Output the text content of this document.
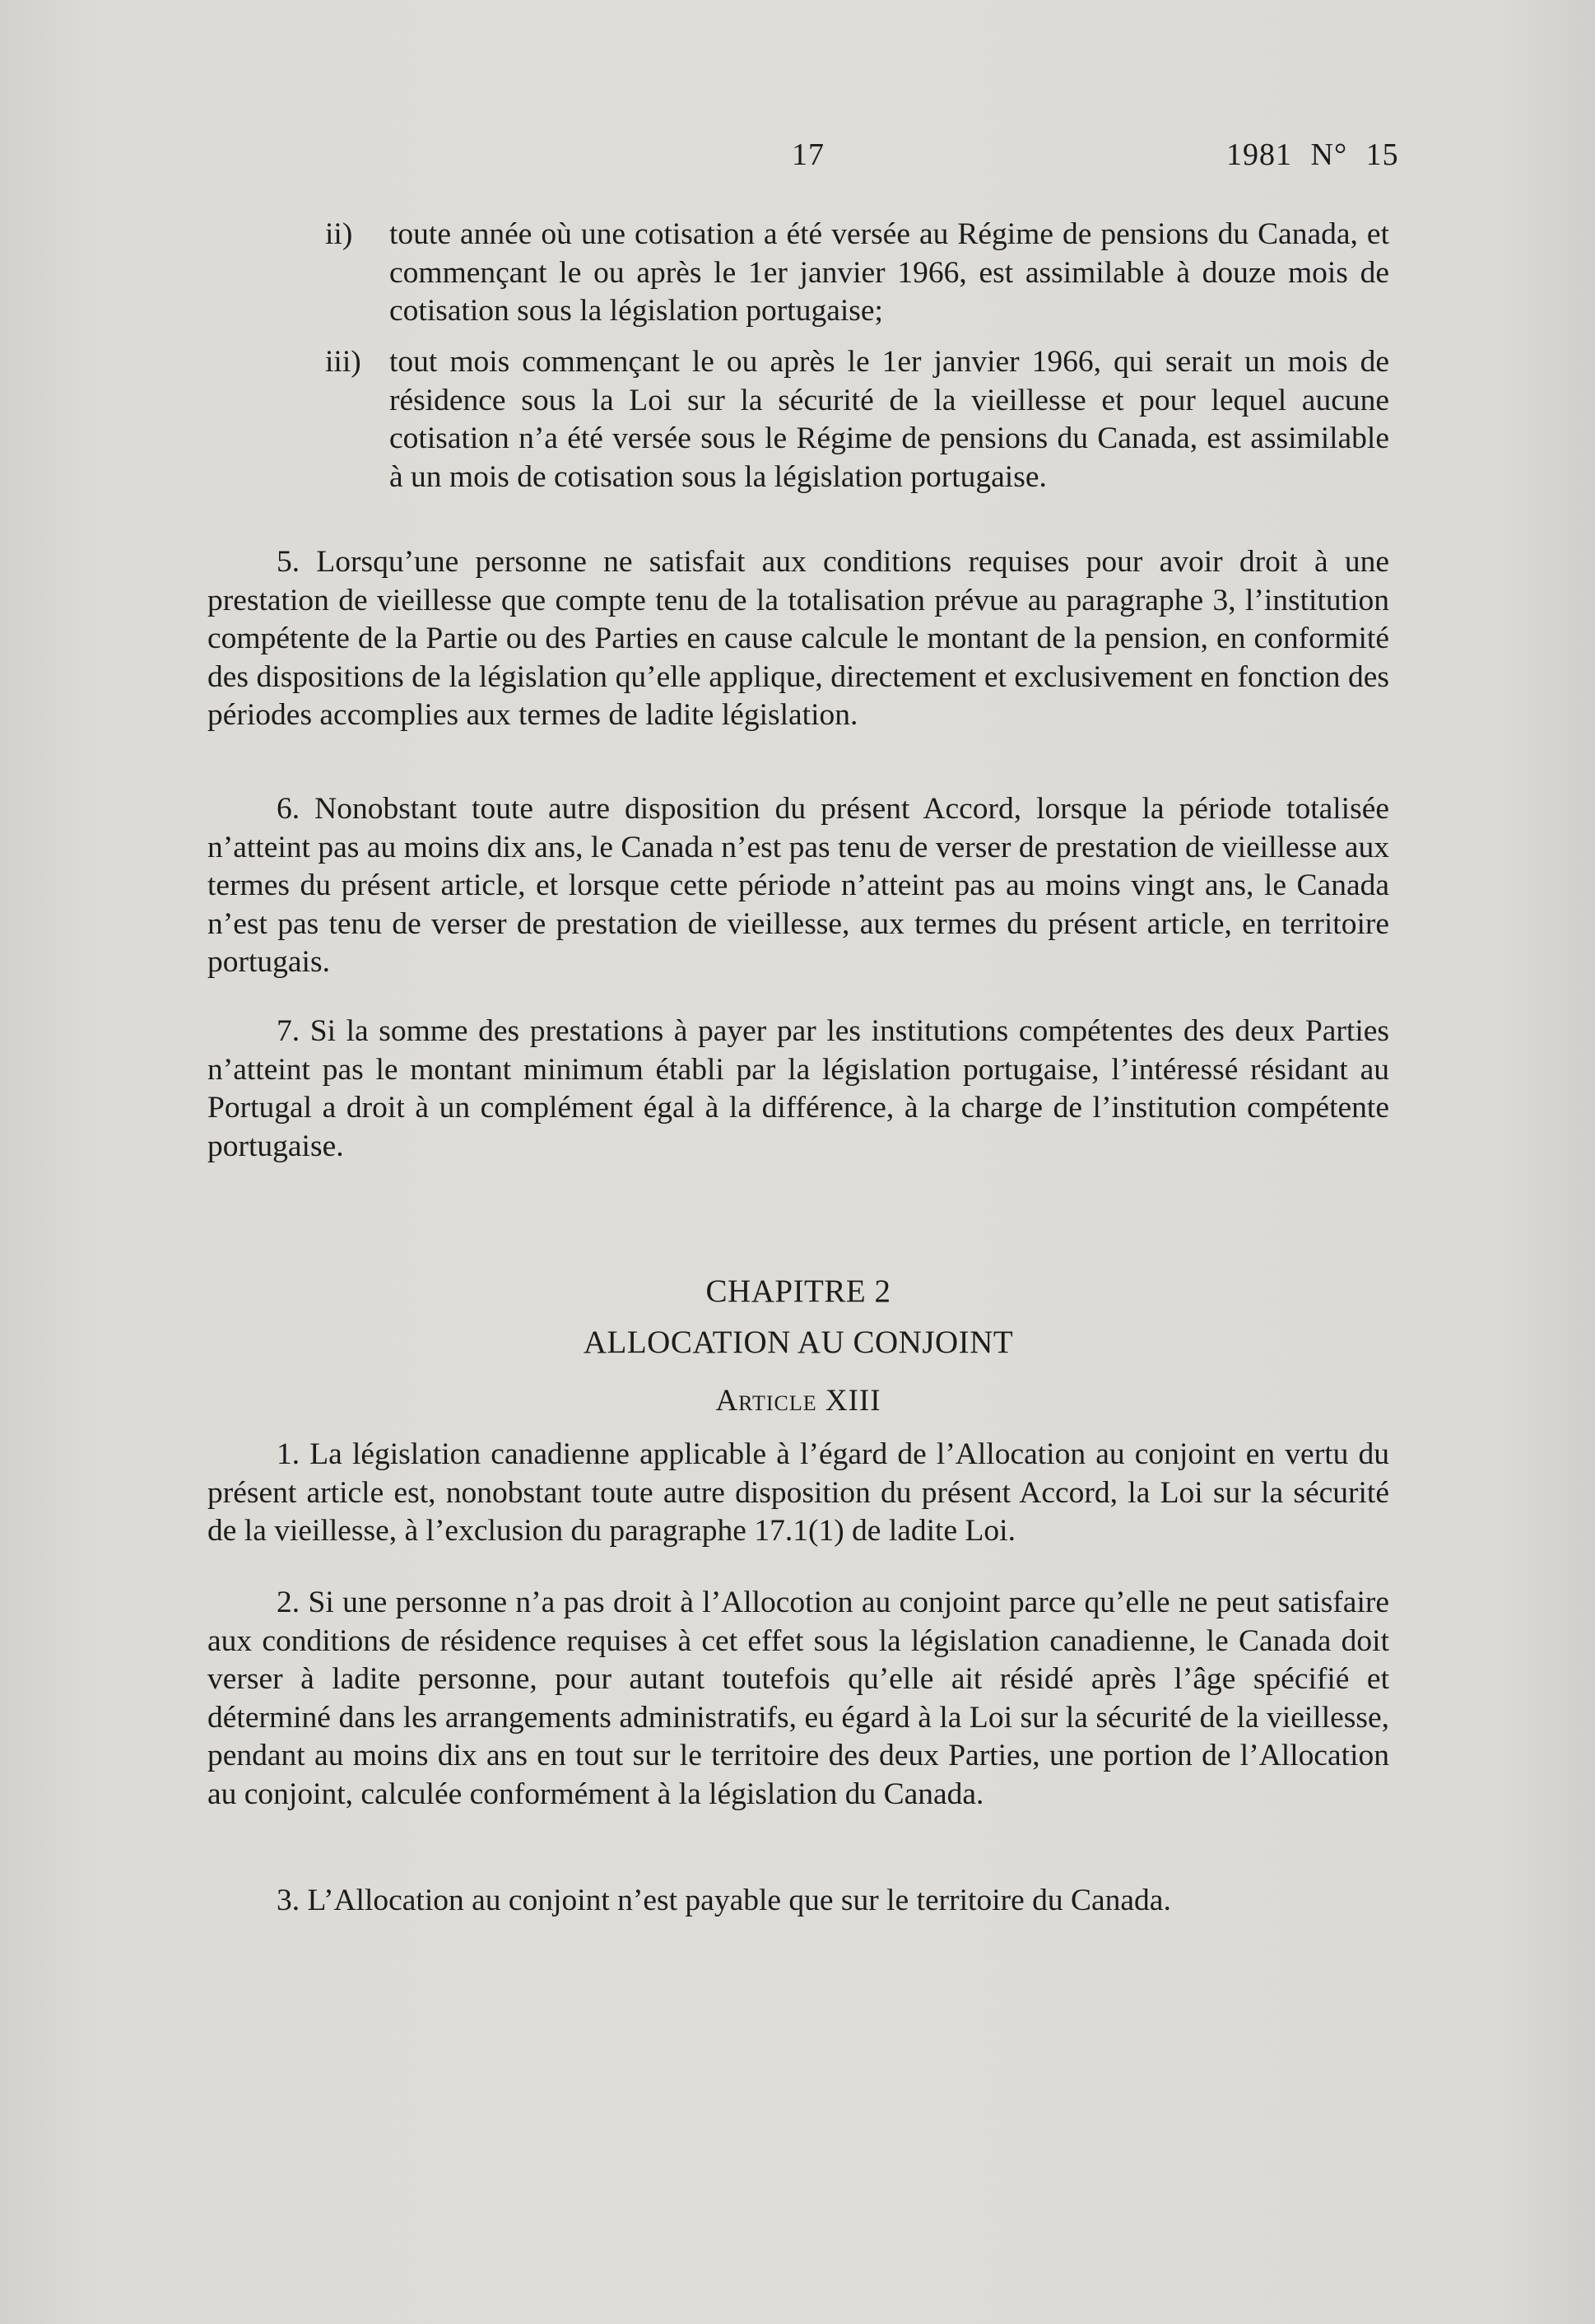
17	1981 N° 15
ii)	toute année où une cotisation a été versée au Régime de pensions du Canada, et commençant le ou après le 1er janvier 1966, est assimilable à douze mois de cotisation sous la législation portugaise;
iii) tout mois commençant le ou après le 1er janvier 1966, qui serait un mois de résidence sous la Loi sur la sécurité de la vieillesse et pour lequel aucune cotisation n’a été versée sous le Régime de pensions du Canada, est assimilable à un mois de cotisation sous la législation portugaise.

5. Lorsqu’une personne ne satisfait aux conditions requises pour avoir droit à une prestation de vieillesse que compte tenu de la totalisation prévue au paragraphe 3, l’institution compétente de la Partie ou des Parties en cause calcule le montant de la pension, en conformité des dispositions de la législation qu’elle applique, directement et exclusivement en fonction des périodes accomplies aux termes de ladite législation.

6. Nonobstant toute autre disposition du présent Accord, lorsque la période totalisée n’atteint pas au moins dix ans, le Canada n’est pas tenu de verser de prestation de vieillesse aux termes du présent article, et lorsque cette période n’atteint pas au moins vingt ans, le Canada n’est pas tenu de verser de prestation de vieillesse, aux termes du présent article, en territoire portugais.

7. Si la somme des prestations à payer par les institutions compétentes des deux Parties n’atteint pas le montant minimum établi par la législation portugaise, l’intéressé résidant au Portugal a droit à un complément égal à la différence, à la charge de l’institution compétente portugaise.

CHAPITRE 2
ALLOCATION AU CONJOINT
Article XIII

1. La législation canadienne applicable à l’égard de l’Allocation au conjoint en vertu du présent article est, nonobstant toute autre disposition du présent Accord, la Loi sur la sécurité de la vieillesse, à l’exclusion du paragraphe 17.1(1) de ladite Loi.

2. Si une personne n’a pas droit à l’Allocotion au conjoint parce qu’elle ne peut satisfaire aux conditions de résidence requises à cet effet sous la législation canadienne, le Canada doit verser à ladite personne, pour autant toutefois qu’elle ait résidé après l’âge spécifié et déterminé dans les arrangements administratifs, eu égard à la Loi sur la sécurité de la vieillesse, pendant au moins dix ans en tout sur le territoire des deux Parties, une portion de l’Allocation au conjoint, calculée conformément à la législation du Canada.

3. L’Allocation au conjoint n’est payable que sur le territoire du Canada.
